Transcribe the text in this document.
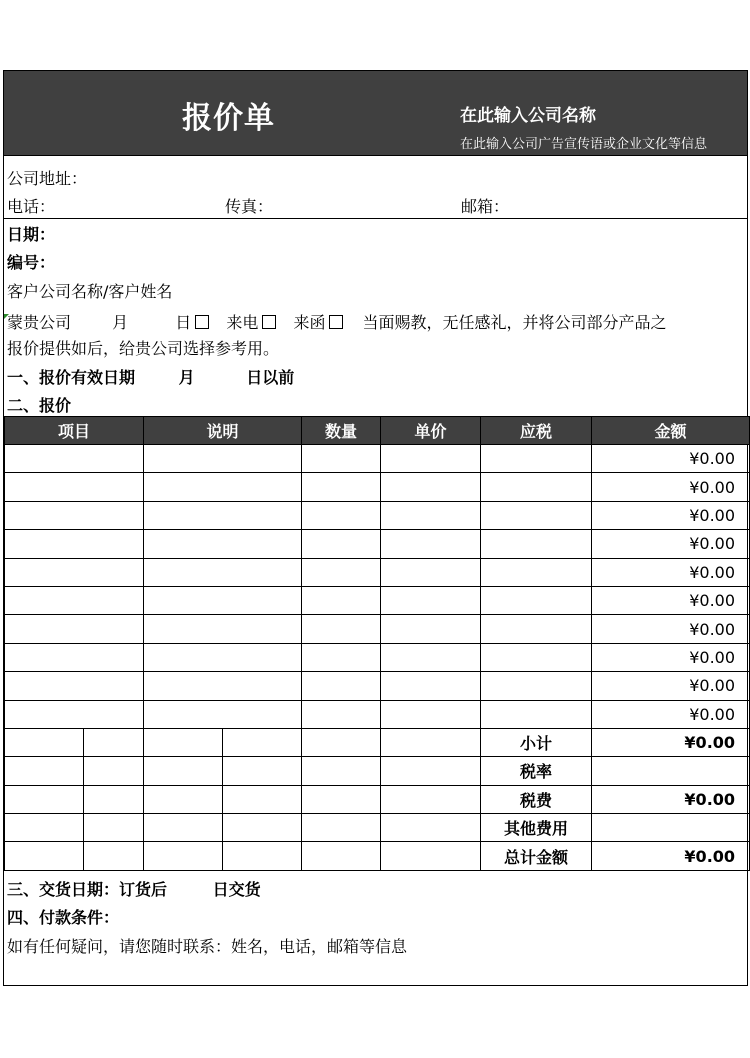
报价单	在此输入公司名称
在此输入公司广告宣传语或企业文化等信息
公司地址：
电话：	传真：	邮箱：
日期：
编号：
客户公司名称/客户姓名
蒙贵公司	月	日 来电 来函 当面赐教，无任感礼，并将公司部分产品之
报价提供如后，给贵公司选择参考用。
一、报价有效日期	月	日以前
二、报价
项目		说明		数量	单价	应税	金额
							¥0.00
							¥0.00
							¥0.00
							¥0.00
							¥0.00
							¥0.00
							¥0.00
							¥0.00
							¥0.00
							¥0.00
						小计	¥0.00
						税率	
						税费	¥0.00
						其他费用	
						总计金额	¥0.00
三、交货日期：订货后	日交货
四、付款条件：
如有任何疑问，请您随时联系：姓名，电话，邮箱等信息
